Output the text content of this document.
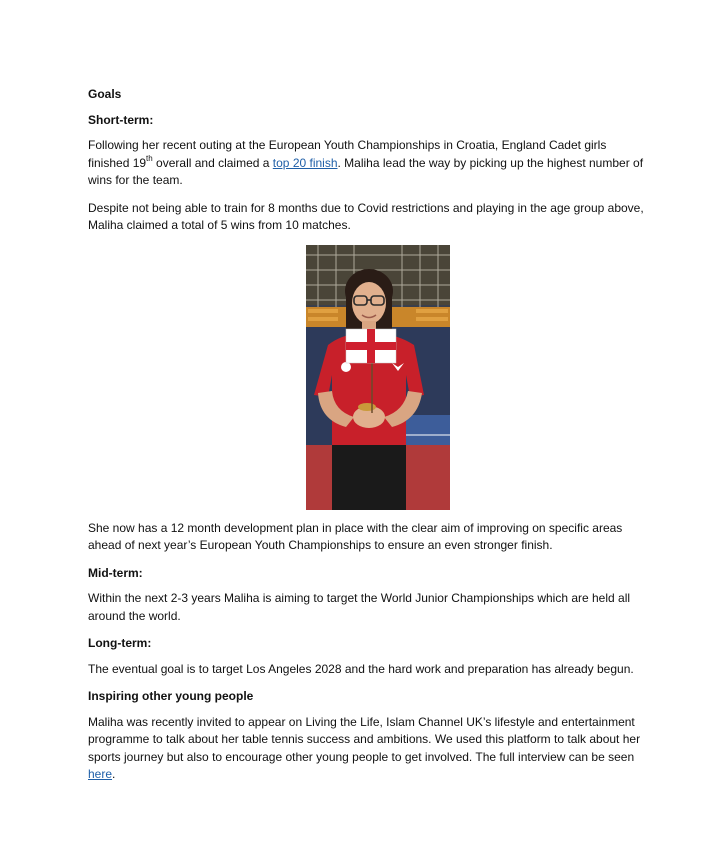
Goals

Short-term:

Following her recent outing at the European Youth Championships in Croatia, England Cadet girls finished 19th overall and claimed a top 20 finish. Maliha lead the way by picking up the highest number of wins for the team.

Despite not being able to train for 8 months due to Covid restrictions and playing in the age group above, Maliha claimed a total of 5 wins from 10 matches.

She now has a 12 month development plan in place with the clear aim of improving on specific areas ahead of next year’s European Youth Championships to ensure an even stronger finish.

Mid-term:

Within the next 2-3 years Maliha is aiming to target the World Junior Championships which are held all around the world.

Long-term:

The eventual goal is to target Los Angeles 2028 and the hard work and preparation has already begun.

Inspiring other young people

Maliha was recently invited to appear on Living the Life, Islam Channel UK’s lifestyle and entertainment programme to talk about her table tennis success and ambitions. We used this platform to talk about her sports journey but also to encourage other young people to get involved. The full interview can be seen here.
